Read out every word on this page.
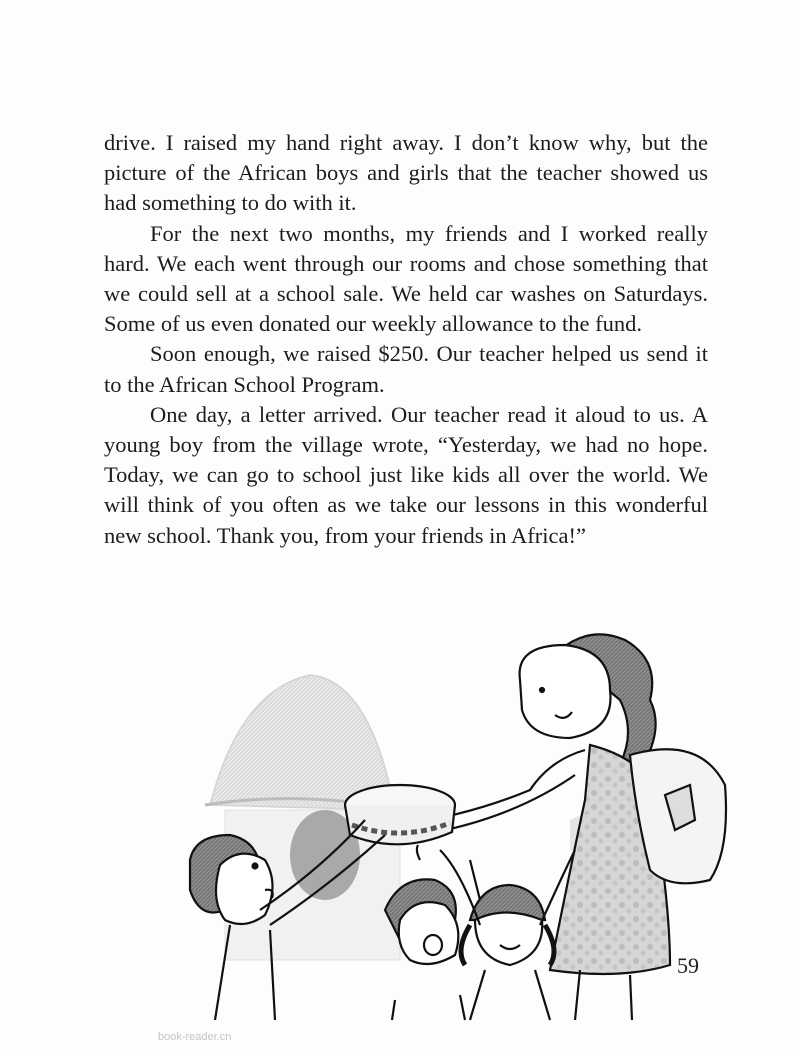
drive. I raised my hand right away. I don’t know why, but the picture of the African boys and girls that the teacher showed us had something to do with it.

For the next two months, my friends and I worked really hard. We each went through our rooms and chose something that we could sell at a school sale. We held car washes on Saturdays. Some of us even donated our weekly allowance to the fund.

Soon enough, we raised $250. Our teacher helped us send it to the African School Program.

One day, a letter arrived. Our teacher read it aloud to us. A young boy from the village wrote, “Yesterday, we had no hope. Today, we can go to school just like kids all over the world. We will think of you often as we take our lessons in this wonderful new school. Thank you, from your friends in Africa!”

59
book-reader.cn
